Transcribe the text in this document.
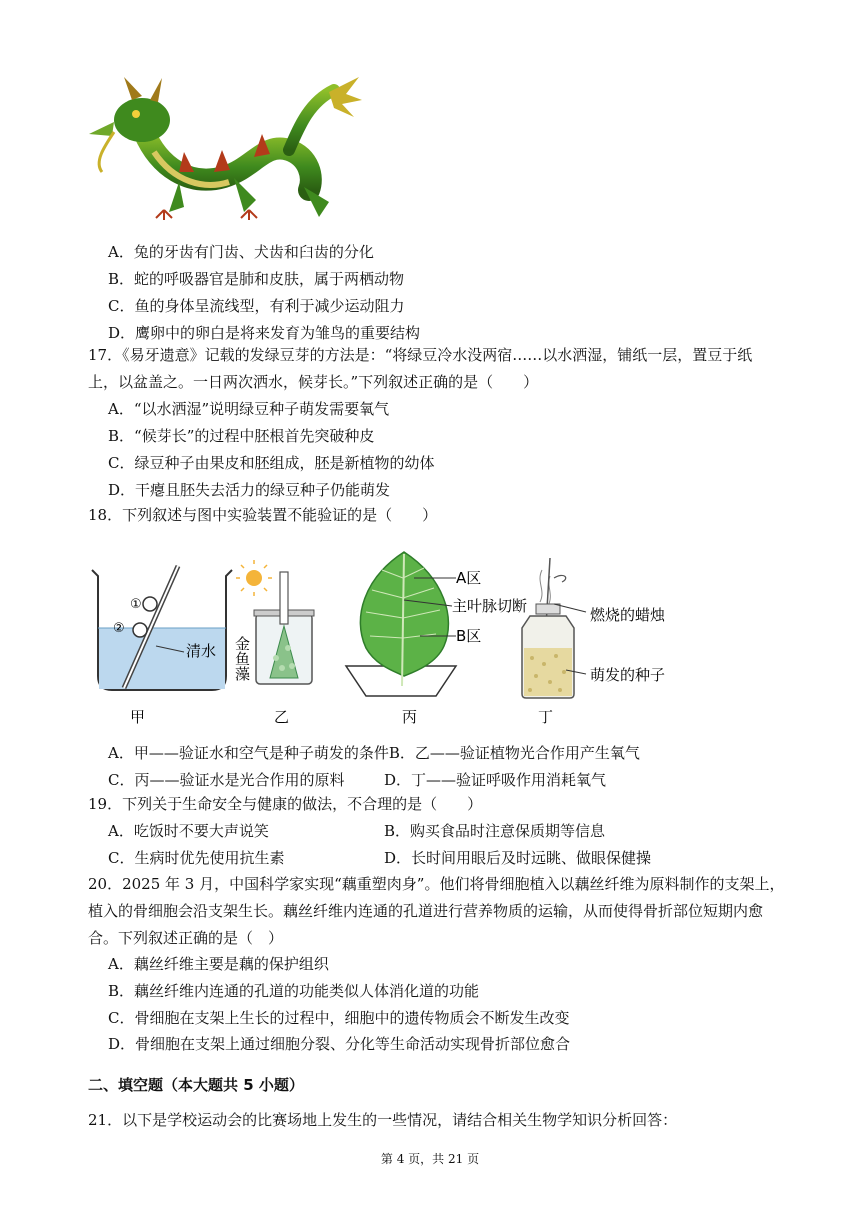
A．兔的牙齿有门齿、犬齿和臼齿的分化
B．蛇的呼吸器官是肺和皮肤，属于两栖动物
C．鱼的身体呈流线型，有利于减少运动阻力
D．鹰卵中的卵白是将来发育为雏鸟的重要结构
17．《易牙遗意》记载的发绿豆芽的方法是：“将绿豆冷水没两宿……以水洒湿，铺纸一层，置豆于纸
上，以盆盖之。一日两次洒水，候芽长。”下列叙述正确的是（　　）
A．“以水洒湿”说明绿豆种子萌发需要氧气
B．“候芽长”的过程中胚根首先突破种皮
C．绿豆种子由果皮和胚组成，胚是新植物的幼体
D．干瘪且胚失去活力的绿豆种子仍能萌发
18．下列叙述与图中实验装置不能验证的是（　　）
①
②
清水
甲
金鱼藻
乙
A区
主叶脉切断
B区
丙
燃烧的蜡烛
萌发的种子
丁
A．甲——验证水和空气是种子萌发的条件B．乙——验证植物光合作用产生氧气
C．丙——验证水是光合作用的原料	D．丁——验证呼吸作用消耗氧气
19．下列关于生命安全与健康的做法，不合理的是（　　）
A．吃饭时不要大声说笑	B．购买食品时注意保质期等信息
C．生病时优先使用抗生素	D．长时间用眼后及时远眺、做眼保健操
20．2025 年 3 月，中国科学家实现“藕重塑肉身”。他们将骨细胞植入以藕丝纤维为原料制作的支架上，
植入的骨细胞会沿支架生长。藕丝纤维内连通的孔道进行营养物质的运输，从而使得骨折部位短期内愈
合。下列叙述正确的是（　）
A．藕丝纤维主要是藕的保护组织
B．藕丝纤维内连通的孔道的功能类似人体消化道的功能
C．骨细胞在支架上生长的过程中，细胞中的遗传物质会不断发生改变
D．骨细胞在支架上通过细胞分裂、分化等生命活动实现骨折部位愈合
二、填空题（本大题共 5 小题）
21．以下是学校运动会的比赛场地上发生的一些情况，请结合相关生物学知识分析回答：
第 4 页，共 21 页
